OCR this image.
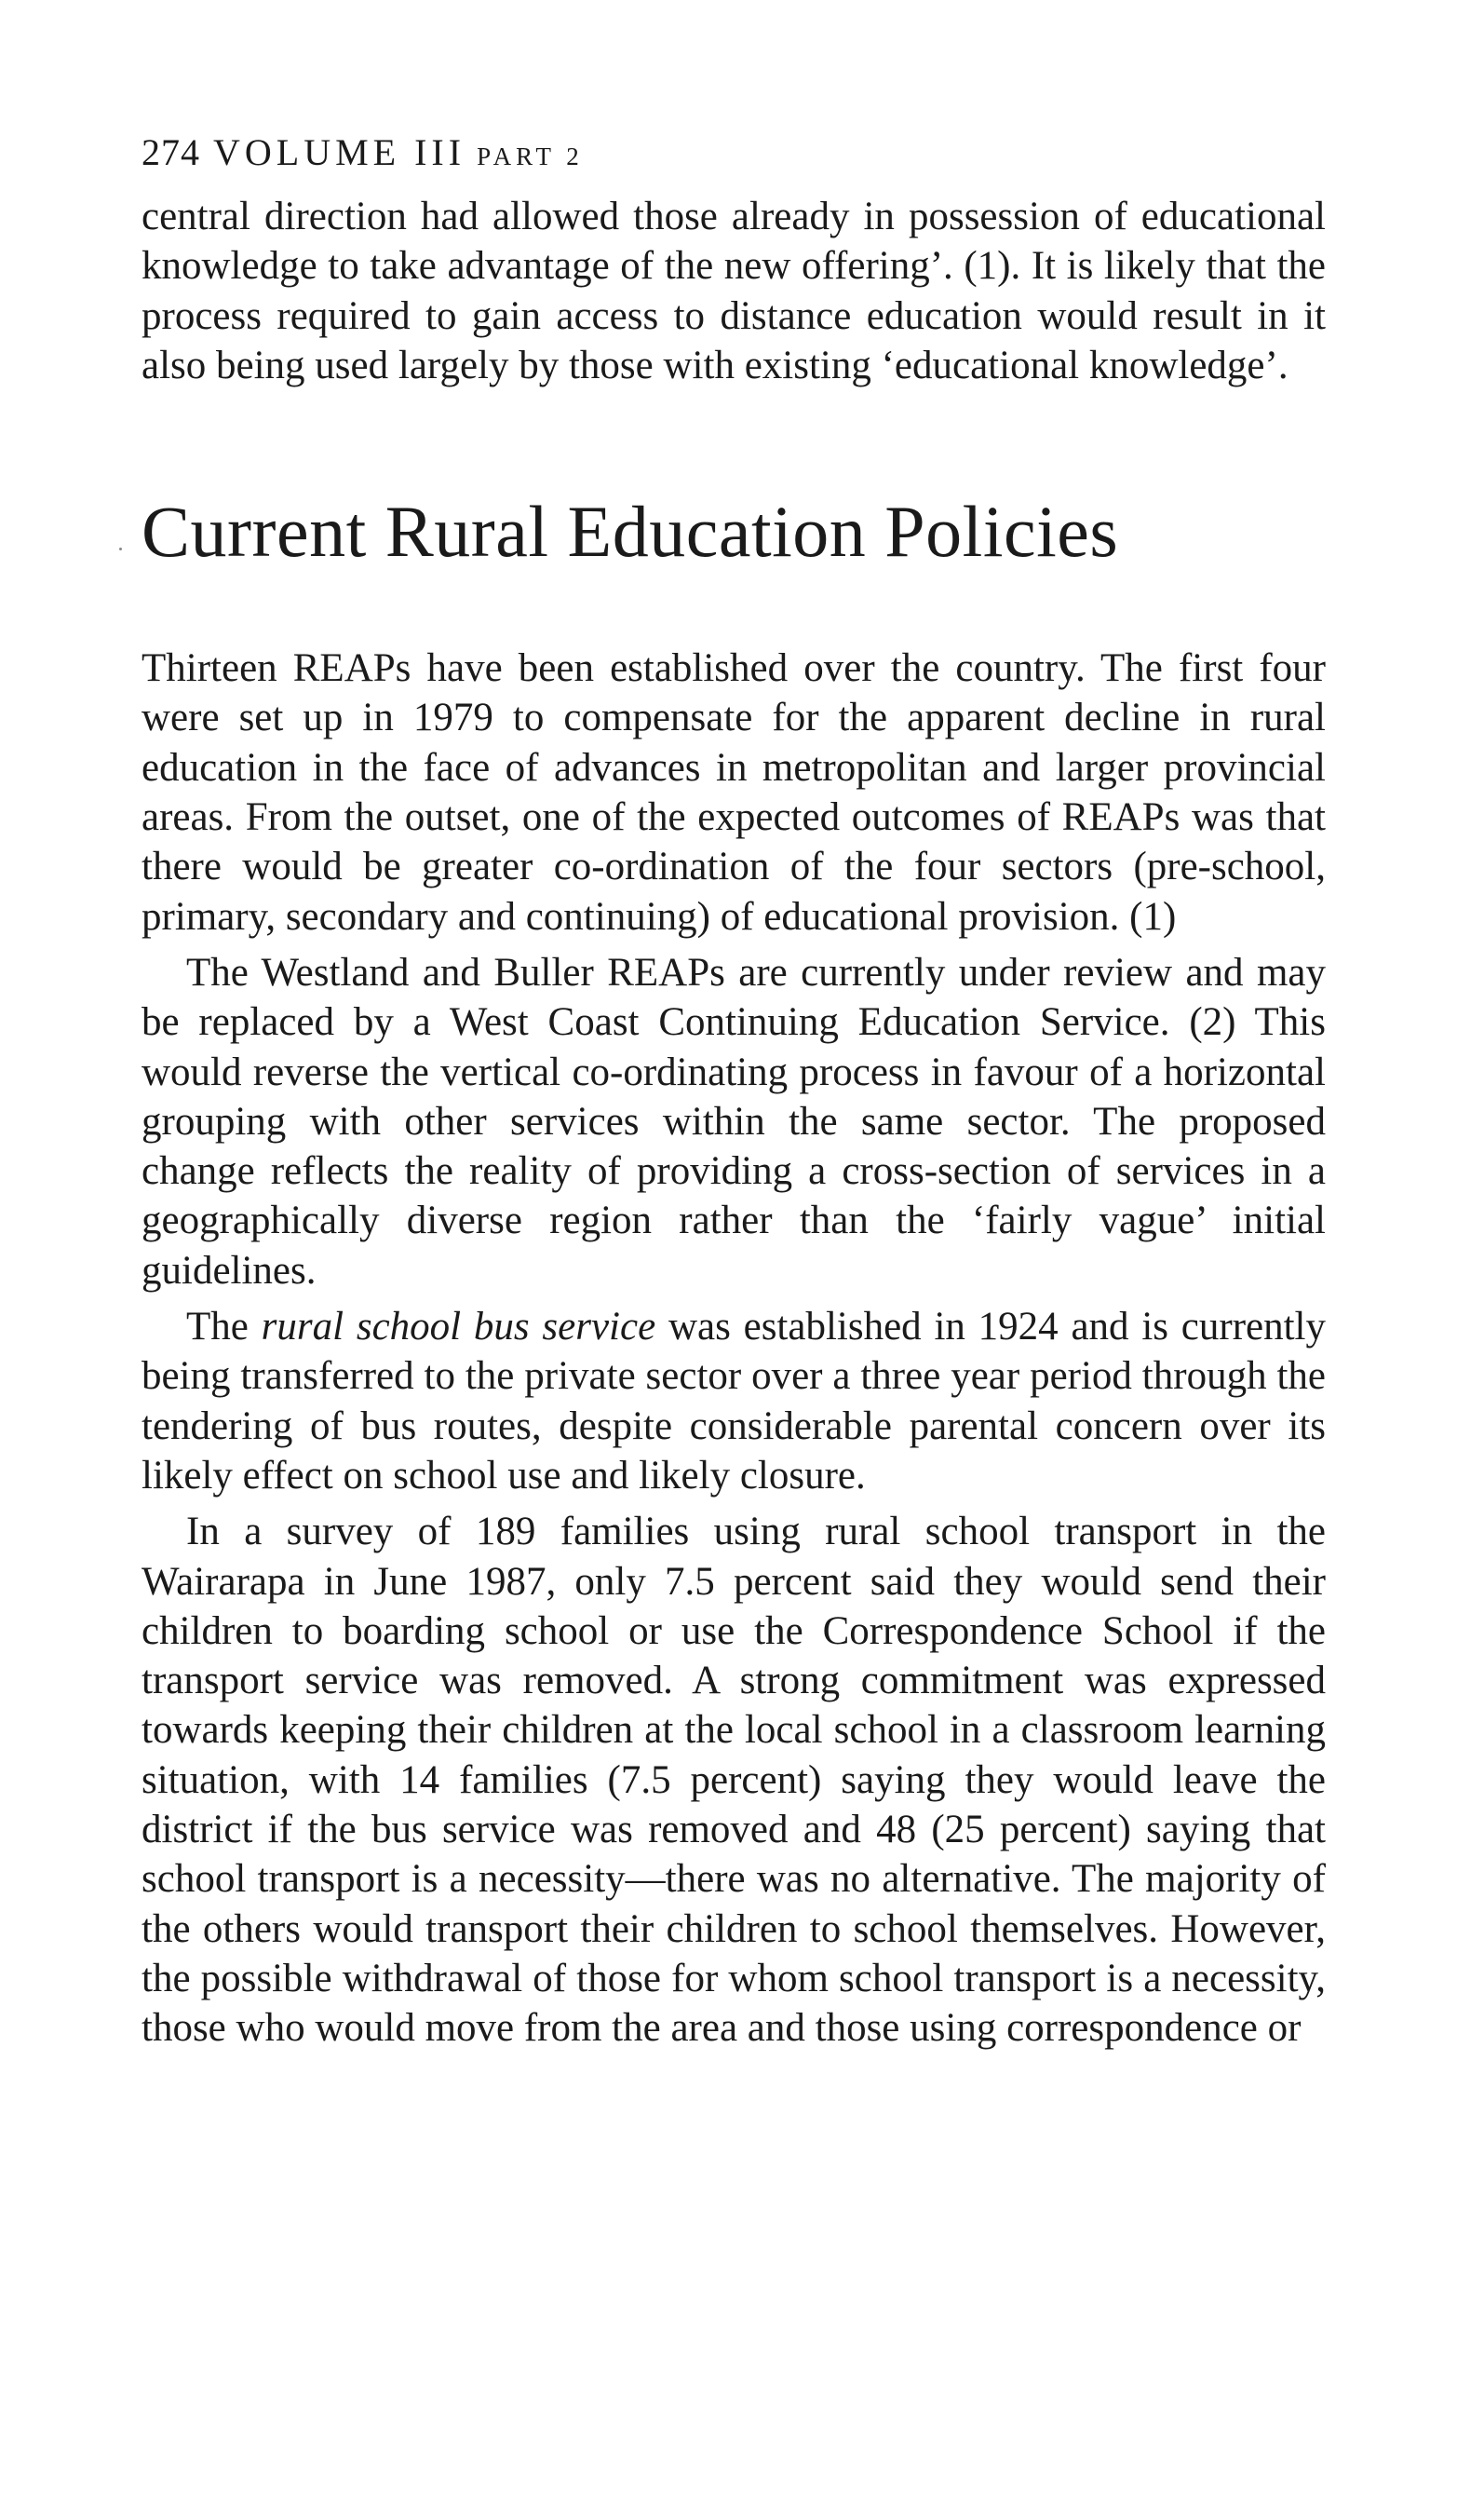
274 VOLUME III PART 2

central direction had allowed those already in possession of educational knowledge to take advantage of the new offering’. (1). It is likely that the process required to gain access to distance education would result in it also being used largely by those with existing ‘educational knowledge’.

Current Rural Education Policies

Thirteen REAPs have been established over the country. The first four were set up in 1979 to compensate for the apparent decline in rural education in the face of advances in metropolitan and larger provincial areas. From the outset, one of the expected outcomes of REAPs was that there would be greater co-ordination of the four sectors (pre-school, primary, secondary and continuing) of educational provision. (1)

The Westland and Buller REAPs are currently under review and may be replaced by a West Coast Continuing Education Service. (2) This would reverse the vertical co-ordinating process in favour of a horizontal grouping with other services within the same sector. The proposed change reflects the reality of providing a cross-section of services in a geographically diverse region rather than the ‘fairly vague’ initial guidelines.

The rural school bus service was established in 1924 and is currently being transferred to the private sector over a three year period through the tendering of bus routes, despite considerable parental concern over its likely effect on school use and likely closure.

In a survey of 189 families using rural school transport in the Wairarapa in June 1987, only 7.5 percent said they would send their children to boarding school or use the Correspondence School if the transport service was removed. A strong commitment was expressed towards keeping their children at the local school in a classroom learning situation, with 14 families (7.5 percent) saying they would leave the district if the bus service was removed and 48 (25 percent) saying that school transport is a necessity—there was no alternative. The majority of the others would transport their children to school themselves. However, the possible withdrawal of those for whom school transport is a necessity, those who would move from the area and those using correspondence or
